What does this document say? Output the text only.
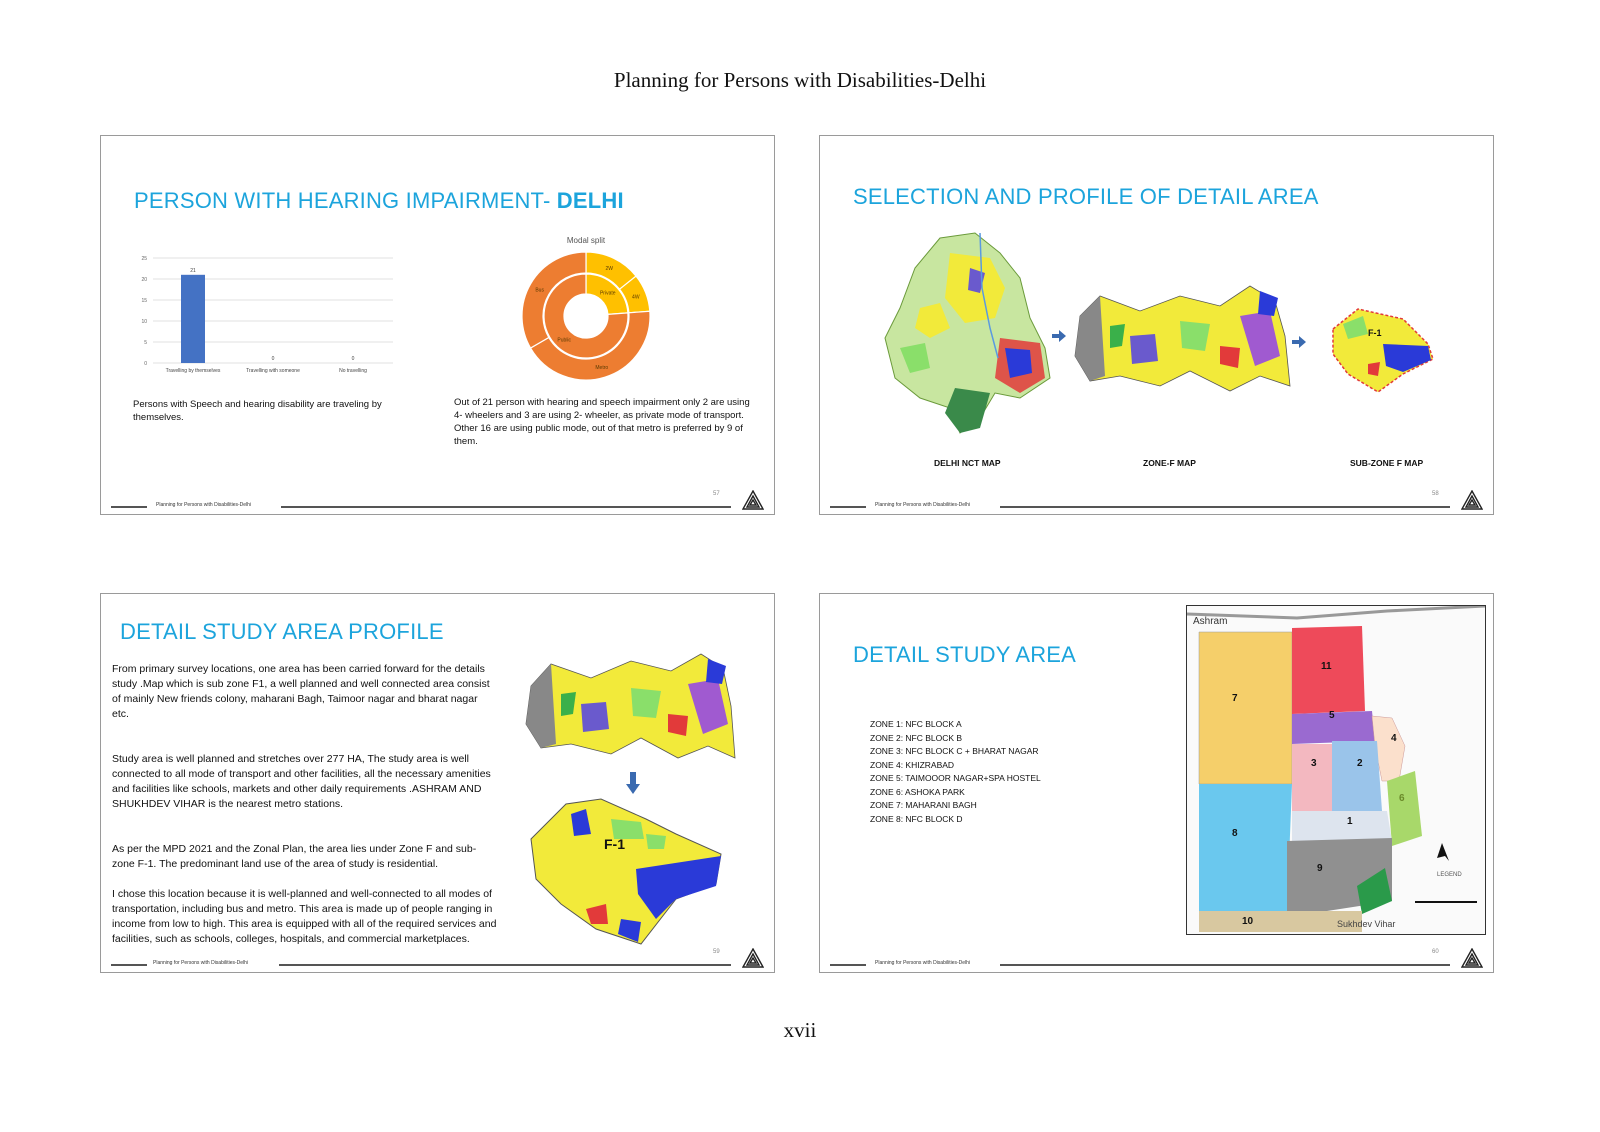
Planning for Persons with Disabilities-Delhi
PERSON WITH HEARING IMPAIRMENT- DELHI
0
5
10
15
20
25
21
Travelling by themselves
0
Travelling with someone
0
No travelling
Modal split
Private
Public
2W
4W
Metro
Bus
Persons with Speech and hearing disability are traveling by themselves.
Out of 21 person with hearing and speech impairment only 2 are using 4- wheelers and 3 are using 2- wheeler, as private mode of transport. Other 16 are using public mode, out of that metro is preferred by 9 of them.
Planning for Persons with Disabilities-Delhi
57
SELECTION AND PROFILE OF DETAIL AREA
F-1
DELHI NCT MAP	ZONE-F MAP	SUB-ZONE F MAP
Planning for Persons with Disabilities-Delhi
58
DETAIL STUDY AREA PROFILE
From primary survey locations, one area has been carried forward for the details study .Map which is sub zone F1, a well planned and well connected area consist of mainly New friends colony, maharani Bagh, Taimoor nagar and bharat nagar etc.
Study area is well planned and stretches over 277 HA, The study area is well connected to all mode of transport and other facilities, all the necessary amenities and facilities like schools, markets and other daily requirements .ASHRAM AND SHUKHDEV VIHAR is the nearest metro stations.
As per the MPD 2021 and the Zonal Plan, the area lies under Zone F and sub-zone F-1. The predominant land use of the area of study is residential.
I chose this location because it is well-planned and well-connected to all modes of transportation, including bus and metro. This area is made up of people ranging in income from low to high. This area is equipped with all of the required services and facilities, such as schools, colleges, hospitals, and commercial marketplaces.
F-1
Planning for Persons with Disabilities-Delhi
59
DETAIL STUDY AREA
ZONE 1: NFC BLOCK A
ZONE 2: NFC BLOCK B
ZONE 3: NFC BLOCK C + BHARAT NAGAR
ZONE 4: KHIZRABAD
ZONE 5: TAIMOOOR NAGAR+SPA HOSTEL
ZONE 6: ASHOKA PARK
ZONE 7: MAHARANI BAGH
ZONE 8: NFC BLOCK D
Ashram
Sukhdev Vihar
1
2
3
4
5
6
7
8
9
10
11
LEGEND
Planning for Persons with Disabilities-Delhi
60
xvii
